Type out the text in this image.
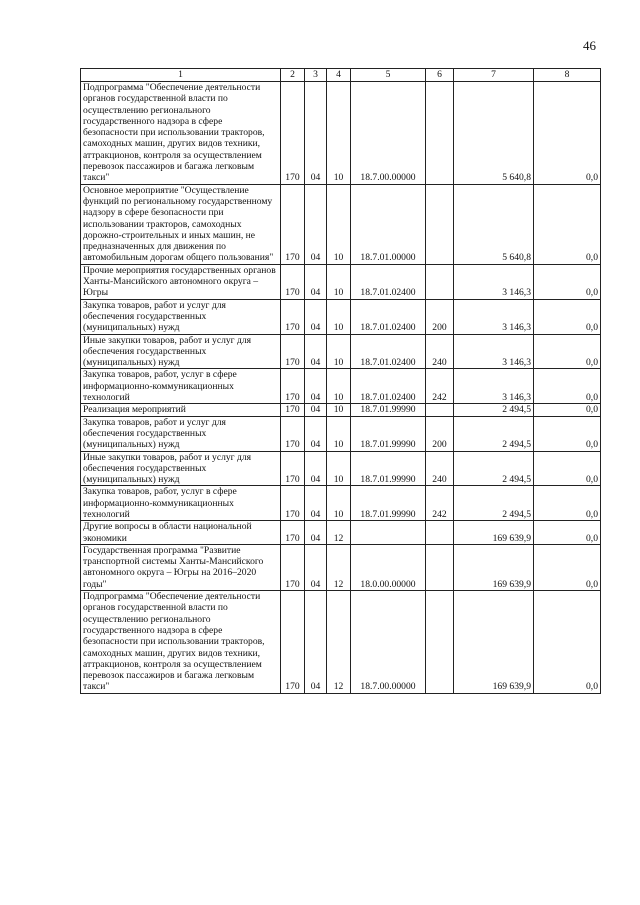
46
1	2	3	4	5	6	7	8
Подпрограмма "Обеспечение деятельности органов государственной власти по осуществлению регионального государственного надзора в сфере безопасности при использовании тракторов, самоходных машин, других видов техники, аттракционов, контроля за осуществлением перевозок пассажиров и багажа легковым такси"	170	04	10	18.7.00.00000		5 640,8	0,0
Основное мероприятие "Осуществление функций по региональному государственному надзору в сфере безопасности при использовании тракторов, самоходных дорожно-строительных и иных машин, не предназначенных для движения по автомобильным дорогам общего пользования"	170	04	10	18.7.01.00000		5 640,8	0,0
Прочие мероприятия государственных органов Ханты-Мансийского автономного округа – Югры	170	04	10	18.7.01.02400		3 146,3	0,0
Закупка товаров, работ и услуг для обеспечения государственных (муниципальных) нужд	170	04	10	18.7.01.02400	200	3 146,3	0,0
Иные закупки товаров, работ и услуг для обеспечения государственных (муниципальных) нужд	170	04	10	18.7.01.02400	240	3 146,3	0,0
Закупка товаров, работ, услуг в сфере информационно-коммуникационных технологий	170	04	10	18.7.01.02400	242	3 146,3	0,0
Реализация мероприятий	170	04	10	18.7.01.99990		2 494,5	0,0
Закупка товаров, работ и услуг для обеспечения государственных (муниципальных) нужд	170	04	10	18.7.01.99990	200	2 494,5	0,0
Иные закупки товаров, работ и услуг для обеспечения государственных (муниципальных) нужд	170	04	10	18.7.01.99990	240	2 494,5	0,0
Закупка товаров, работ, услуг в сфере информационно-коммуникационных технологий	170	04	10	18.7.01.99990	242	2 494,5	0,0
Другие вопросы в области национальной экономики	170	04	12			169 639,9	0,0
Государственная программа "Развитие транспортной системы Ханты-Мансийского автономного округа – Югры на 2016–2020 годы"	170	04	12	18.0.00.00000		169 639,9	0,0
Подпрограмма "Обеспечение деятельности органов государственной власти по осуществлению регионального государственного надзора в сфере безопасности при использовании тракторов, самоходных машин, других видов техники, аттракционов, контроля за осуществлением перевозок пассажиров и багажа легковым такси"	170	04	12	18.7.00.00000		169 639,9	0,0
